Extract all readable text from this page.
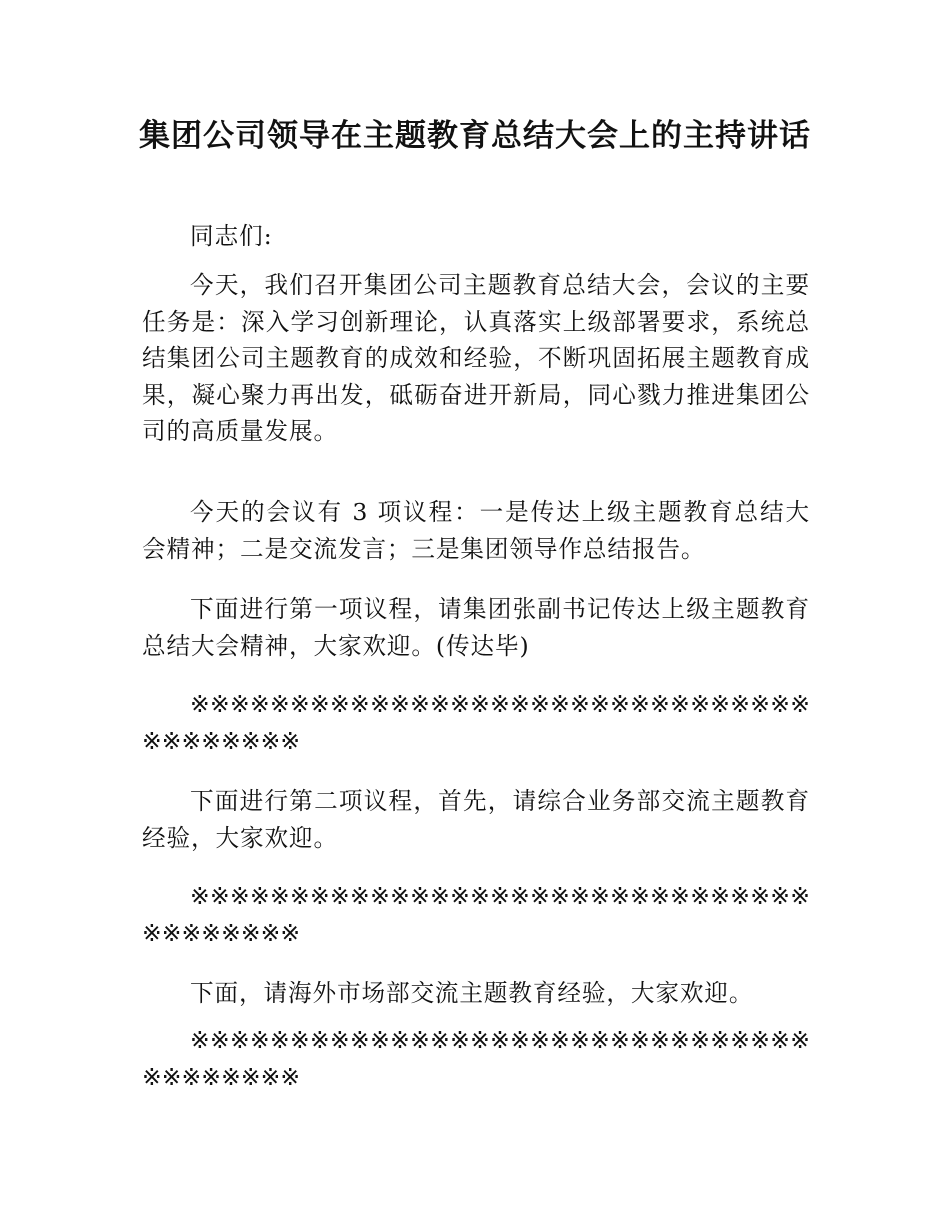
集团公司领导在主题教育总结大会上的主持讲话

同志们:

今天，我们召开集团公司主题教育总结大会，会议的主要任务是：深入学习创新理论，认真落实上级部署要求，系统总结集团公司主题教育的成效和经验，不断巩固拓展主题教育成果，凝心聚力再出发，砥砺奋进开新局，同心戮力推进集团公司的高质量发展。

今天的会议有 3 项议程：一是传达上级主题教育总结大会精神；二是交流发言；三是集团领导作总结报告。

下面进行第一项议程，请集团张副书记传达上级主题教育总结大会精神，大家欢迎。(传达毕)

※※※※※※※※※※※※※※※※※※※※※※※※※※※※※※※※※※※※※※※

下面进行第二项议程，首先，请综合业务部交流主题教育经验，大家欢迎。

※※※※※※※※※※※※※※※※※※※※※※※※※※※※※※※※※※※※※※※

下面，请海外市场部交流主题教育经验，大家欢迎。

※※※※※※※※※※※※※※※※※※※※※※※※※※※※※※※※※※※※※※※
